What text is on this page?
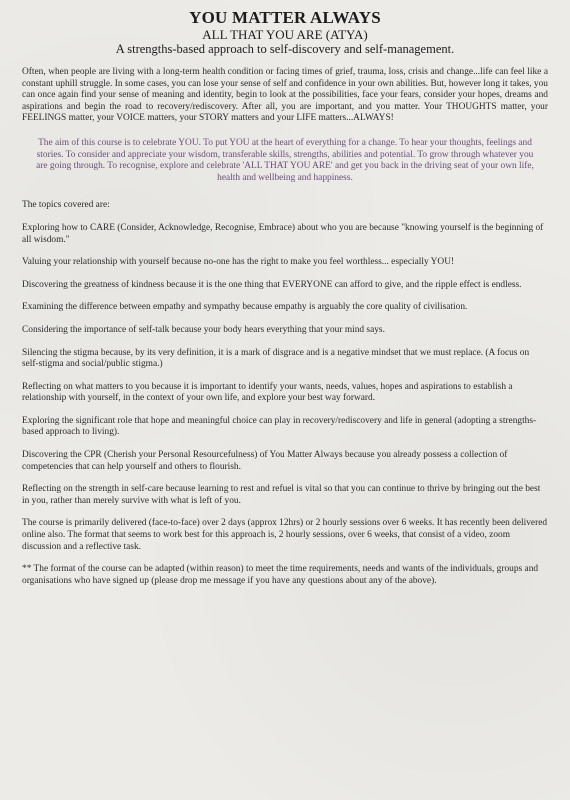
YOU MATTER ALWAYS
ALL THAT YOU ARE (ATYA)
A strengths-based approach to self-discovery and self-management.

Often, when people are living with a long-term health condition or facing times of grief, trauma, loss, crisis and change...life can feel like a constant uphill struggle. In some cases, you can lose your sense of self and confidence in your own abilities. But, however long it takes, you can once again find your sense of meaning and identity, begin to look at the possibilities, face your fears, consider your hopes, dreams and aspirations and begin the road to recovery/rediscovery. After all, you are important, and you matter. Your THOUGHTS matter, your FEELINGS matter, your VOICE matters, your STORY matters and your LIFE matters...ALWAYS!

The aim of this course is to celebrate YOU. To put YOU at the heart of everything for a change. To hear your thoughts, feelings and stories. To consider and appreciate your wisdom, transferable skills, strengths, abilities and potential. To grow through whatever you are going through. To recognise, explore and celebrate 'ALL THAT YOU ARE' and get you back in the driving seat of your own life, health and wellbeing and happiness.

The topics covered are:

Exploring how to CARE (Consider, Acknowledge, Recognise, Embrace) about who you are because "knowing yourself is the beginning of all wisdom."
Valuing your relationship with yourself because no-one has the right to make you feel worthless... especially YOU!
Discovering the greatness of kindness because it is the one thing that EVERYONE can afford to give, and the ripple effect is endless.
Examining the difference between empathy and sympathy because empathy is arguably the core quality of civilisation.
Considering the importance of self-talk because your body hears everything that your mind says.
Silencing the stigma because, by its very definition, it is a mark of disgrace and is a negative mindset that we must replace. (A focus on self-stigma and social/public stigma.)
Reflecting on what matters to you because it is important to identify your wants, needs, values, hopes and aspirations to establish a relationship with yourself, in the context of your own life, and explore your best way forward.
Exploring the significant role that hope and meaningful choice can play in recovery/rediscovery and life in general (adopting a strengths-based approach to living).
Discovering the CPR (Cherish your Personal Resourcefulness) of You Matter Always because you already possess a collection of competencies that can help yourself and others to flourish.
Reflecting on the strength in self-care because learning to rest and refuel is vital so that you can continue to thrive by bringing out the best in you, rather than merely survive with what is left of you.

The course is primarily delivered (face-to-face) over 2 days (approx 12hrs) or 2 hourly sessions over 6 weeks. It has recently been delivered online also. The format that seems to work best for this approach is, 2 hourly sessions, over 6 weeks, that consist of a video, zoom discussion and a reflective task.

** The format of the course can be adapted (within reason) to meet the time requirements, needs and wants of the individuals, groups and organisations who have signed up (please drop me message if you have any questions about any of the above).
